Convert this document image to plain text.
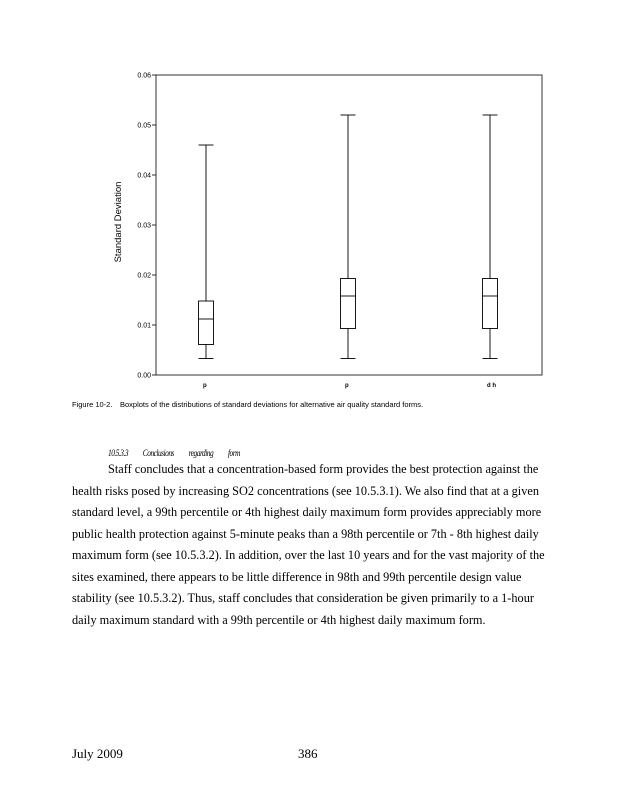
Standard Deviation
0.00
0.01
0.02
0.03
0.04
0.05
0.06
p	p	d h
Figure 10-2. Boxplots of the distributions of standard deviations for alternative air quality standard forms.
10.5.3.3 Conclusions regarding form

Staff concludes that a concentration-based form provides the best protection against the health risks posed by increasing SO2 concentrations (see 10.5.3.1). We also find that at a given standard level, a 99th percentile or 4th highest daily maximum form provides appreciably more public health protection against 5-minute peaks than a 98th percentile or 7th - 8th highest daily maximum form (see 10.5.3.2). In addition, over the last 10 years and for the vast majority of the sites examined, there appears to be little difference in 98th and 99th percentile design value stability (see 10.5.3.2). Thus, staff concludes that consideration be given primarily to a 1-hour daily maximum standard with a 99th percentile or 4th highest daily maximum form.

July 2009	386
